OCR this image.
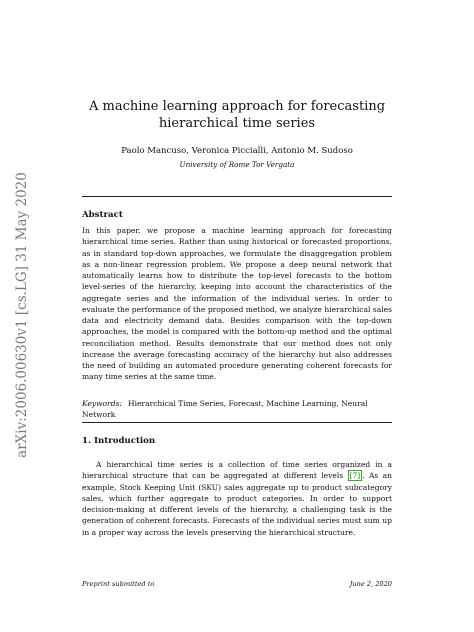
arXiv:2006.00630v1 [cs.LG] 31 May 2020
A machine learning approach for forecasting hierarchical time series
Paolo Mancuso, Veronica Piccialli, Antonio M. Sudoso
University of Rome Tor Vergata
Abstract

In this paper, we propose a machine learning approach for forecasting hierarchical time series. Rather than using historical or forecasted proportions, as in standard top-down approaches, we formulate the disaggregation problem as a non-linear regression problem. We propose a deep neural network that automatically learns how to distribute the top-level forecasts to the bottom level-series of the hierarchy, keeping into account the characteristics of the aggregate series and the information of the individual series. In order to evaluate the performance of the proposed method, we analyze hierarchical sales data and electricity demand data. Besides comparison with the top-down approaches, the model is compared with the bottom-up method and the optimal reconciliation method. Results demonstrate that our method does not only increase the average forecasting accuracy of the hierarchy but also addresses the need of building an automated procedure generating coherent forecasts for many time series at the same time.

Keywords: Hierarchical Time Series, Forecast, Machine Learning, Neural Network

1. Introduction

A hierarchical time series is a collection of time series organized in a hierarchical structure that can be aggregated at different levels [7] . As an example, Stock Keeping Unit (SKU) sales aggregate up to product subcategory sales, which further aggregate to product categories. In order to support decision-making at different levels of the hierarchy, a challenging task is the generation of coherent forecasts. Forecasts of the individual series must sum up in a proper way across the levels preserving the hierarchical structure.

Preprint submitted to	June 2, 2020
